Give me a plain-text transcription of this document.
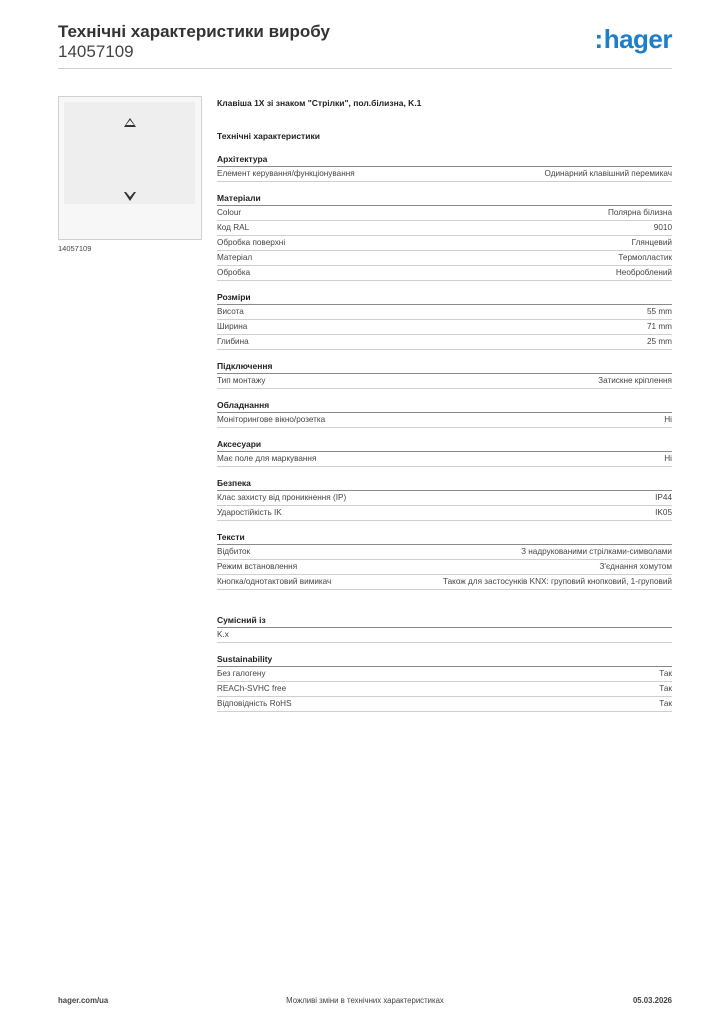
Технічні характеристики виробу
14057109	:hager
14057109
Клавіша 1X зі знаком "Стрілки", пол.білизна, K.1
Технічні характеристики
Архітектура
Елемент керування/функціонування	Одинарний клавішний перемикач
Матеріали
Colour	Полярна білизна
Код RAL	9010
Обробка поверхні	Глянцевий
Матеріал	Термопластик
Обробка	Необроблений
Розміри
Висота	55 mm
Ширина	71 mm
Глибина	25 mm
Підключення
Тип монтажу	Затискне кріплення
Обладнання
Моніторингове вікно/розетка	Ні
Аксесуари
Має поле для маркування	Ні
Безпека
Клас захисту від проникнення (IP)	IP44
Ударостійкість IK	IK05
Тексти
Відбиток	З надрукованими стрілками-символами
Режим встановлення	З'єднання хомутом
Кнопка/однотактовий вимикач	Також для застосунків KNX: груповий кнопковий, 1-груповий
Сумісний із
K.x
Sustainability
Без галогену	Так
REACh-SVHC free	Так
Відповідність RoHS	Так
hager.com/ua	Можливі зміни в технічних характеристиках	05.03.2026
